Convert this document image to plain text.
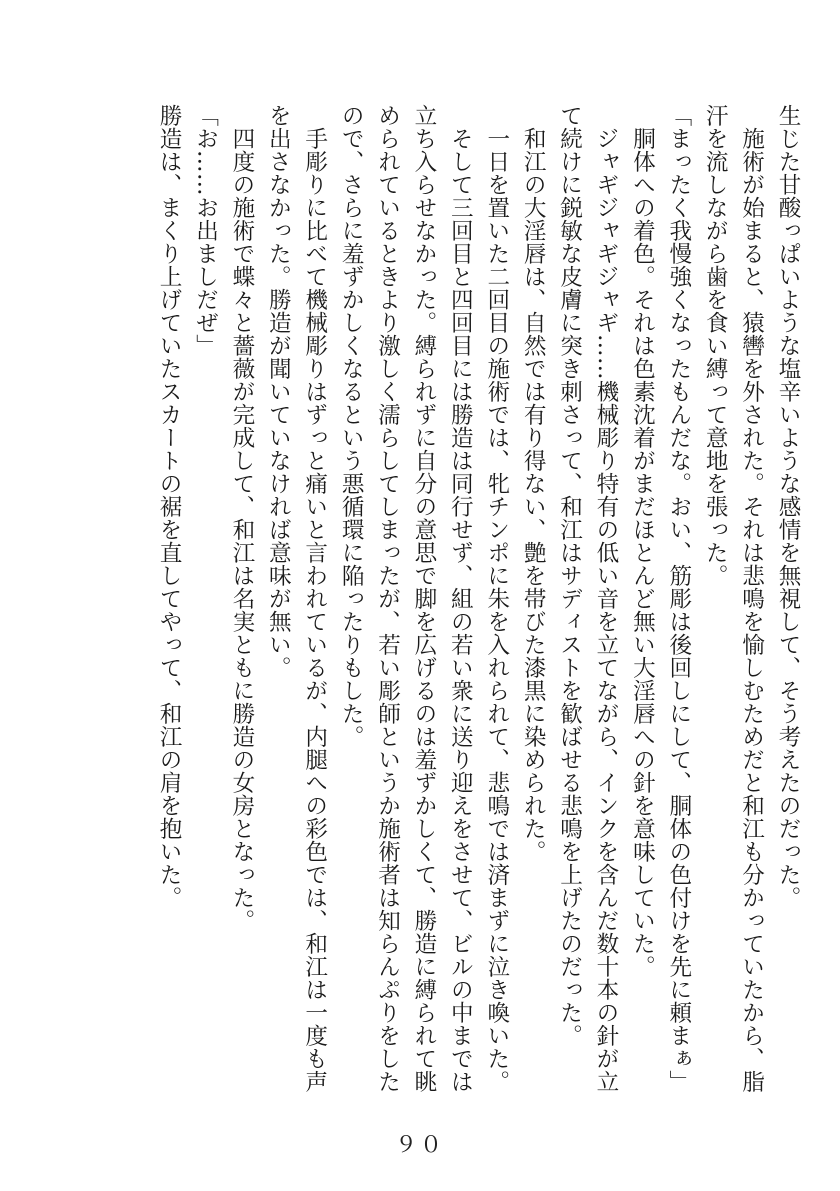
生じた甘酸っぱいような塩辛いような感情を無視して、そう考えたのだった。

施術が始まると、猿轡を外された。それは悲鳴を愉しむためだと和江も分かっていたから、脂汗を流しながら歯を食い縛って意地を張った。

「まったく我慢強くなったもんだな。おい、筋彫は後回しにして、胴体の色付けを先に頼まぁ」

胴体への着色。それは色素沈着がまだほとんど無い大淫唇への針を意味していた。

ジャギジャギジャギ……機械彫り特有の低い音を立てながら、インクを含んだ数十本の針が立て続けに鋭敏な皮膚に突き刺さって、和江はサディストを歓ばせる悲鳴を上げたのだった。

和江の大淫唇は、自然では有り得ない、艶を帯びた漆黒に染められた。

一日を置いた二回目の施術では、牝チンポに朱を入れられて、悲鳴では済まずに泣き喚いた。

そして三回目と四回目には勝造は同行せず、組の若い衆に送り迎えをさせて、ビルの中までは立ち入らせなかった。縛られずに自分の意思で脚を広げるのは羞ずかしくて、勝造に縛られて眺められているときより激しく濡らしてしまったが、若い彫師というか施術者は知らんぷりをしたので、さらに羞ずかしくなるという悪循環に陥ったりもした。

手彫りに比べて機械彫りはずっと痛いと言われているが、内腿への彩色では、和江は一度も声を出さなかった。勝造が聞いていなければ意味が無い。

四度の施術で蝶々と薔薇が完成して、和江は名実ともに勝造の女房となった。

「お……お出ましだぜ」

勝造は、まくり上げていたスカートの裾を直してやって、和江の肩を抱いた。

９０
